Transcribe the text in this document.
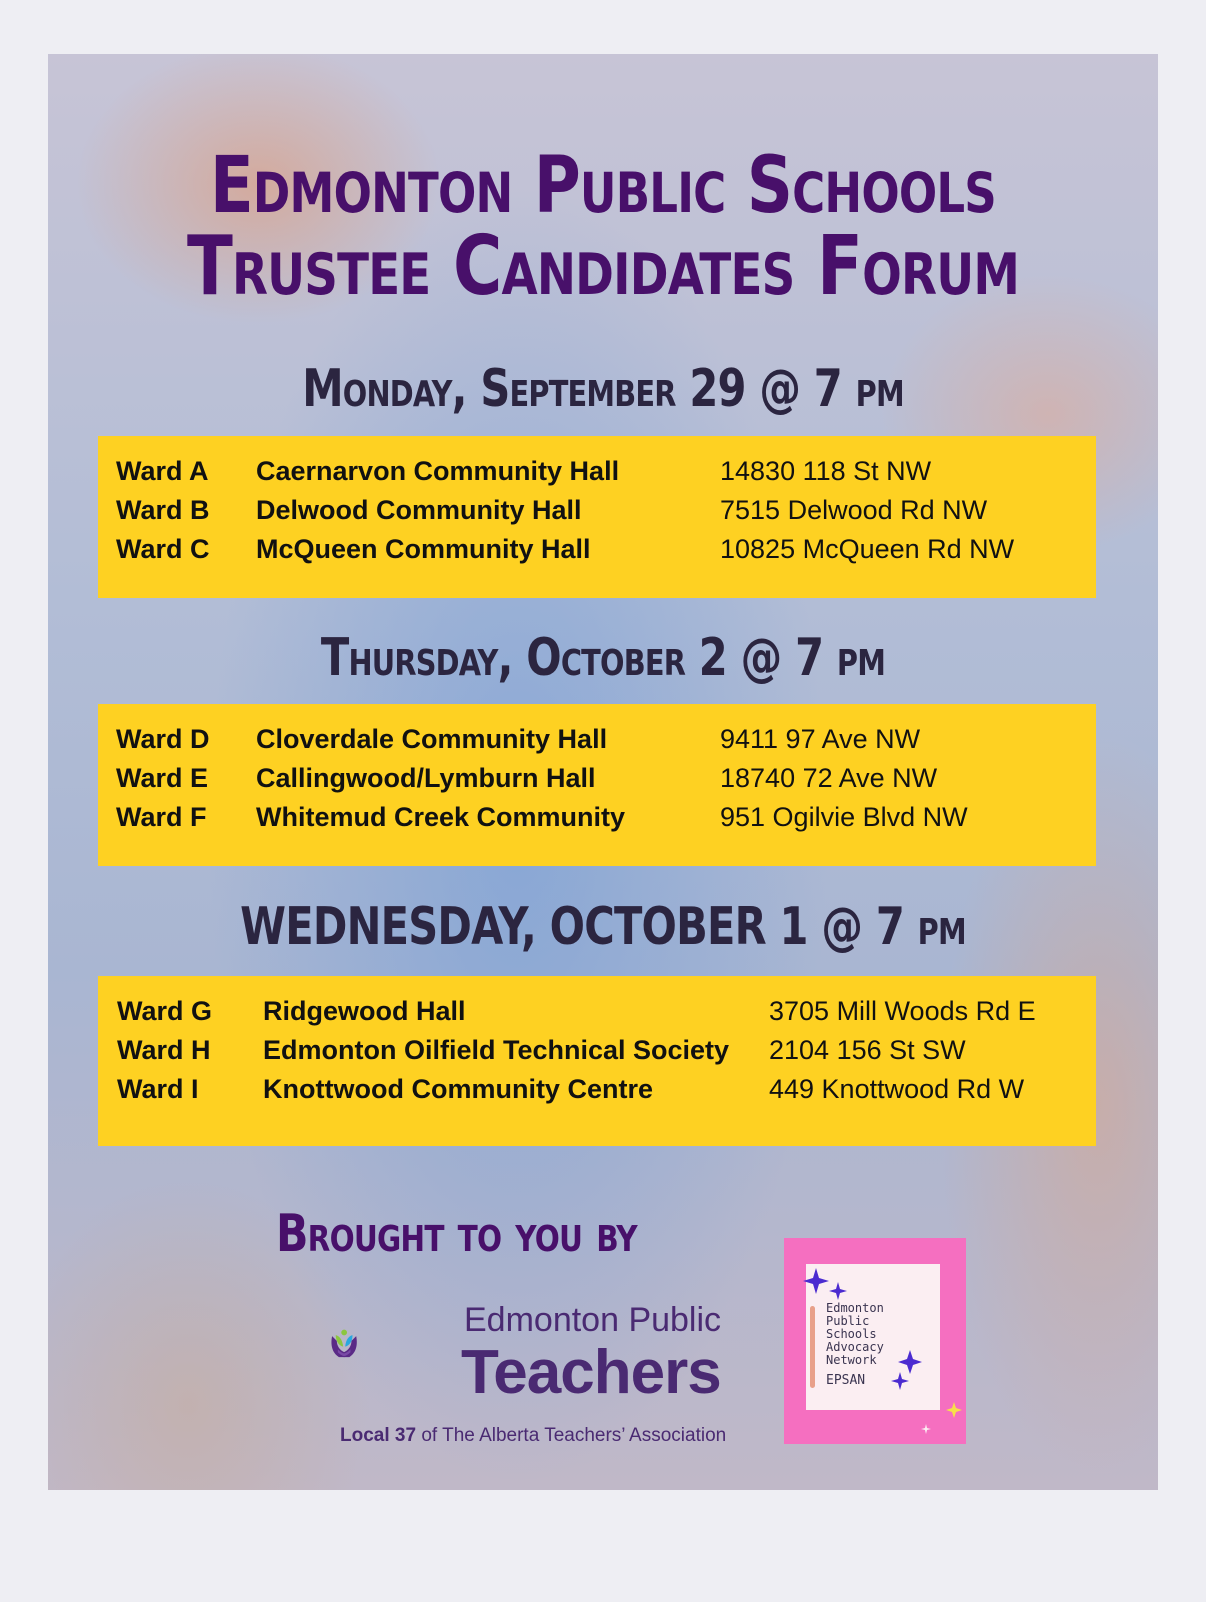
Edmonton Public Schools
Trustee Candidates Forum
Monday, September 29 @ 7 pm
Ward A Caernarvon Community Hall	14830 118 St NW
Ward B Delwood Community Hall	7515 Delwood Rd NW
Ward C McQueen Community Hall	10825 McQueen Rd NW
Thursday, October 2 @ 7 pm
Ward D Cloverdale Community Hall	9411 97 Ave NW
Ward E Callingwood/Lymburn Hall	18740 72 Ave NW
Ward F Whitemud Creek Community	951 Ogilvie Blvd NW
WEDNESDAY, OCTOBER 1 @ 7 pm
Ward G Ridgewood Hall	3705 Mill Woods Rd E
Ward H Edmonton Oilfield Technical Society 2104 156 St SW
Ward I Knottwood Community Centre	449 Knottwood Rd W
Brought to you by
Edmonton Public
Teachers
Local 37 of The Alberta Teachers’ Association
Edmonton
Public
Schools
Advocacy
Network
EPSAN
